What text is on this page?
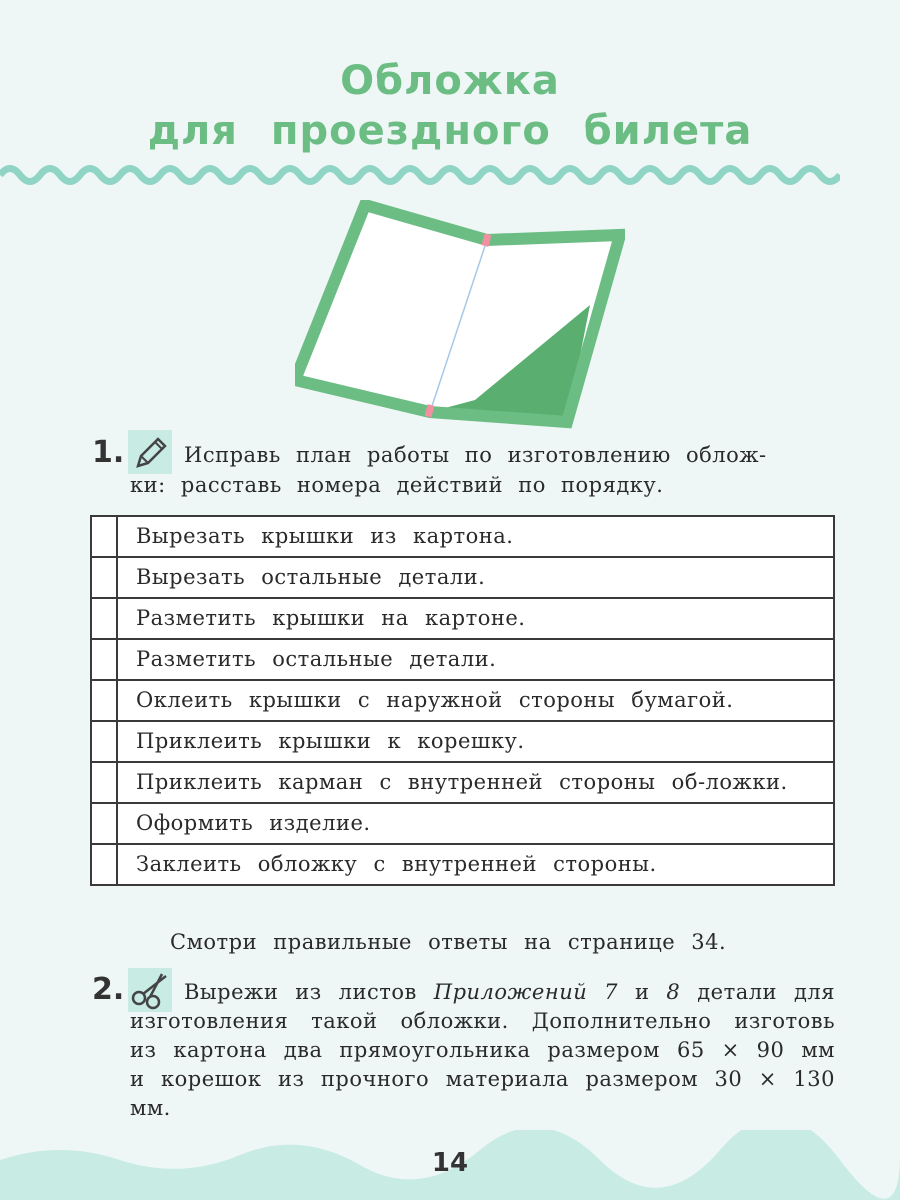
Обложка
для проездного билета
1.	Исправь план работы по изготовлению облож-
ки: расставь номера действий по порядку.
	Вырезать крышки из картона.
	Вырезать остальные детали.
	Разметить крышки на картоне.
	Разметить остальные детали.
	Оклеить крышки с наружной стороны бумагой.
	Приклеить крышки к корешку.
	Приклеить карман с внутренней стороны об-ложки.
	Оформить изделие.
	Заклеить обложку с внутренней стороны.
Смотри правильные ответы на странице 34.
2.	Вырежи из листов Приложений 7 и 8 детали для изготовления такой обложки. Дополнительно изготовь из картона два прямоугольника размером 65 × 90 мм и корешок из прочного материала размером 30 × 130 мм.
14
